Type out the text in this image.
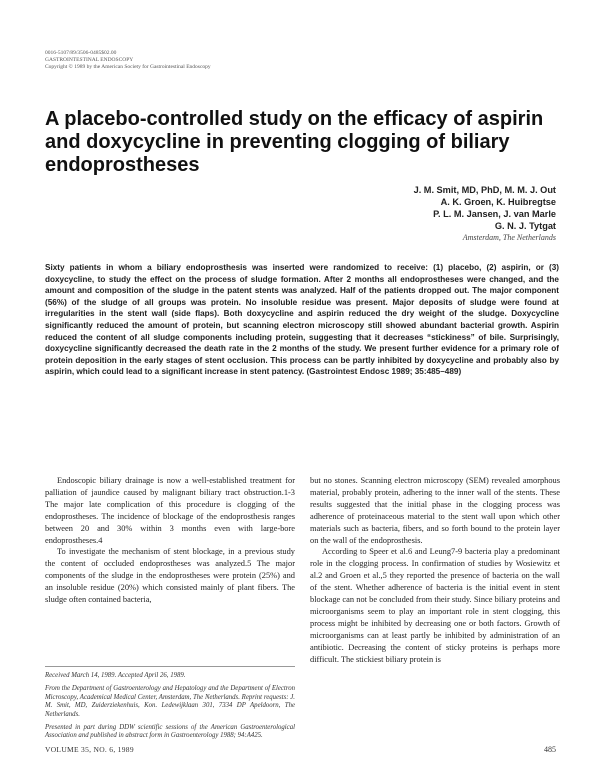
0016-5107/89/3506-0485$02.00
GASTROINTESTINAL ENDOSCOPY
Copyright © 1989 by the American Society for Gastrointestinal Endoscopy
A placebo-controlled study on the efficacy of aspirin and doxycycline in preventing clogging of biliary endoprostheses
J. M. Smit, MD, PhD, M. M. J. Out
A. K. Groen, K. Huibregtse
P. L. M. Jansen, J. van Marle
G. N. J. Tytgat
Amsterdam, The Netherlands

Sixty patients in whom a biliary endoprosthesis was inserted were randomized to receive: (1) placebo, (2) aspirin, or (3) doxycycline, to study the effect on the process of sludge formation. After 2 months all endoprostheses were changed, and the amount and composition of the sludge in the patent stents was analyzed. Half of the patients dropped out. The major component (56%) of the sludge of all groups was protein. No insoluble residue was present. Major deposits of sludge were found at irregularities in the stent wall (side flaps). Both doxycycline and aspirin reduced the dry weight of the sludge. Doxycycline significantly reduced the amount of protein, but scanning electron microscopy still showed abundant bacterial growth. Aspirin reduced the content of all sludge components including protein, suggesting that it decreases “stickiness” of bile. Surprisingly, doxycycline significantly decreased the death rate in the 2 months of the study. We present further evidence for a primary role of protein deposition in the early stages of stent occlusion. This process can be partly inhibited by doxycycline and probably also by aspirin, which could lead to a significant increase in stent patency. (Gastrointest Endosc 1989; 35:485–489)

Endoscopic biliary drainage is now a well-established treatment for palliation of jaundice caused by malignant biliary tract obstruction.1-3 The major late complication of this procedure is clogging of the endoprostheses. The incidence of blockage of the endoprosthesis ranges between 20 and 30% within 3 months even with large-bore endoprostheses.4

To investigate the mechanism of stent blockage, in a previous study the content of occluded endoprostheses was analyzed.5 The major components of the sludge in the endoprostheses were protein (25%) and an insoluble residue (20%) which consisted mainly of plant fibers. The sludge often contained bacteria,

Received March 14, 1989. Accepted April 26, 1989.

From the Department of Gastroenterology and Hepatology and the Department of Electron Microscopy, Academical Medical Center, Amsterdam, The Netherlands. Reprint requests: J. M. Smit, MD, Zuiderziekenhuis, Kon. Ledewijklaan 301, 7334 DP Apeldoorn, The Netherlands.

Presented in part during DDW scientific sessions of the American Gastroenterological Association and published in abstract form in Gastroenterology 1988; 94:A425.

but no stones. Scanning electron microscopy (SEM) revealed amorphous material, probably protein, adhering to the inner wall of the stents. These results suggested that the initial phase in the clogging process was adherence of proteinaceous material to the stent wall upon which other materials such as bacteria, fibers, and so forth bound to the protein layer on the wall of the endoprosthesis.

According to Speer et al.6 and Leung7-9 bacteria play a predominant role in the clogging process. In confirmation of studies by Wosiewitz et al.2 and Groen et al.,5 they reported the presence of bacteria on the wall of the stent. Whether adherence of bacteria is the initial event in stent blockage can not be concluded from their study. Since biliary proteins and microorganisms seem to play an important role in stent clogging, this process might be inhibited by decreasing one or both factors. Growth of microorganisms can at least partly be inhibited by administration of an antibiotic. Decreasing the content of sticky proteins is perhaps more difficult. The stickiest biliary protein is

VOLUME 35, NO. 6, 1989	485
